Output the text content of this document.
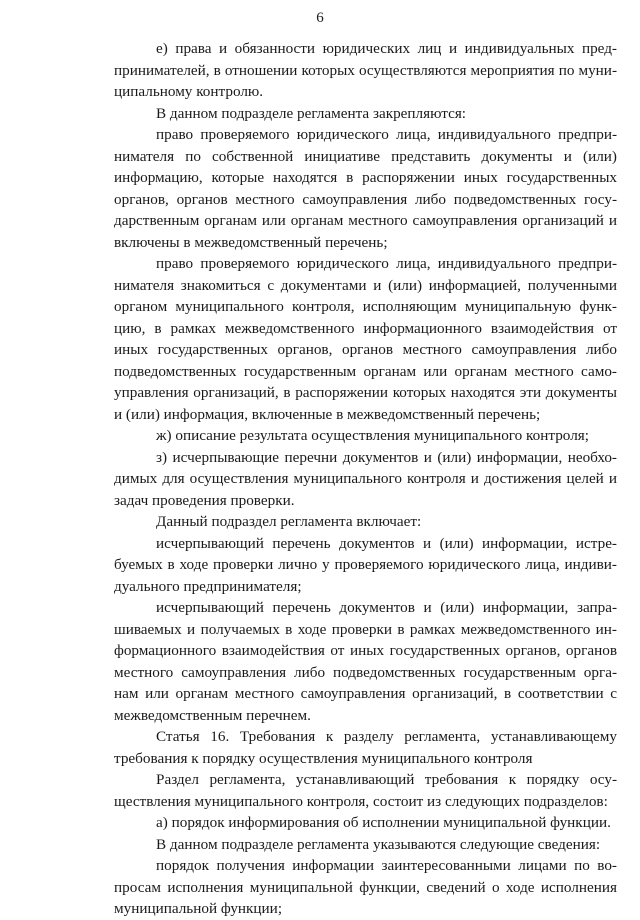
6

е) права и обязанности юридических лиц и индивидуальных пред-
принимателей, в отношении которых осуществляются мероприятия по муни-
ципальному контролю.

В данном подразделе регламента закрепляются:

право проверяемого юридического лица, индивидуального предпри-
нимателя по собственной инициативе представить документы и (или)
информацию, которые находятся в распоряжении иных государственных
органов, органов местного самоуправления либо подведомственных госу-
дарственным органам или органам местного самоуправления организаций и
включены в межведомственный перечень;

право проверяемого юридического лица, индивидуального предпри-
нимателя знакомиться с документами и (или) информацией, полученными
органом муниципального контроля, исполняющим муниципальную функ-
цию, в рамках межведомственного информационного взаимодействия от
иных государственных органов, органов местного самоуправления либо
подведомственных государственным органам или органам местного само-
управления организаций, в распоряжении которых находятся эти документы
и (или) информация, включенные в межведомственный перечень;

ж) описание результата осуществления муниципального контроля;

з) исчерпывающие перечни документов и (или) информации, необхо-
димых для осуществления муниципального контроля и достижения целей и
задач проведения проверки.

Данный подраздел регламента включает:

исчерпывающий перечень документов и (или) информации, истре-
буемых в ходе проверки лично у проверяемого юридического лица, индиви-
дуального предпринимателя;

исчерпывающий перечень документов и (или) информации, запра-
шиваемых и получаемых в ходе проверки в рамках межведомственного ин-
формационного взаимодействия от иных государственных органов, органов
местного самоуправления либо подведомственных государственным орга-
нам или органам местного самоуправления организаций, в соответствии с
межведомственным перечнем.

Статья 16. Требования к разделу регламента, устанавливающему
требования к порядку осуществления муниципального контроля

Раздел регламента, устанавливающий требования к порядку осу-
ществления муниципального контроля, состоит из следующих подразделов:

а) порядок информирования об исполнении муниципальной функции.

В данном подразделе регламента указываются следующие сведения:

порядок получения информации заинтересованными лицами по во-
просам исполнения муниципальной функции, сведений о ходе исполнения
муниципальной функции;
